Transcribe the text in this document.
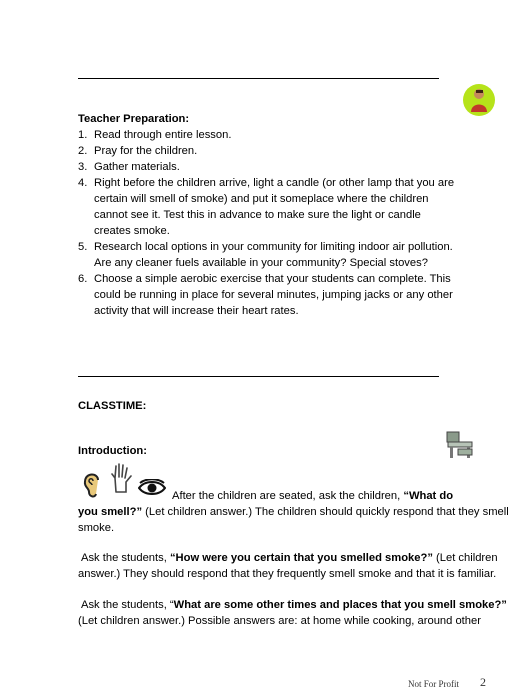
Teacher Preparation:
1. Read through entire lesson.
2. Pray for the children.
3. Gather materials.
4. Right before the children arrive, light a candle (or other lamp that you are
certain will smell of smoke) and put it someplace where the children
cannot see it. Test this in advance to make sure the light or candle
creates smoke.
5. Research local options in your community for limiting indoor air pollution.
Are any cleaner fuels available in your community? Special stoves?
6. Choose a simple aerobic exercise that your students can complete. This
could be running in place for several minutes, jumping jacks or any other
activity that will increase their heart rates.
CLASSTIME:
Introduction:
After the children are seated, ask the children, “What do
you smell?” (Let children answer.) The children should quickly respond that they smell
smoke.
Ask the students, “How were you certain that you smelled smoke?” (Let children
answer.) They should respond that they frequently smell smoke and that it is familiar.
Ask the students, “What are some other times and places that you smell smoke?”
(Let children answer.) Possible answers are: at home while cooking, around other
Not For Profit 2
